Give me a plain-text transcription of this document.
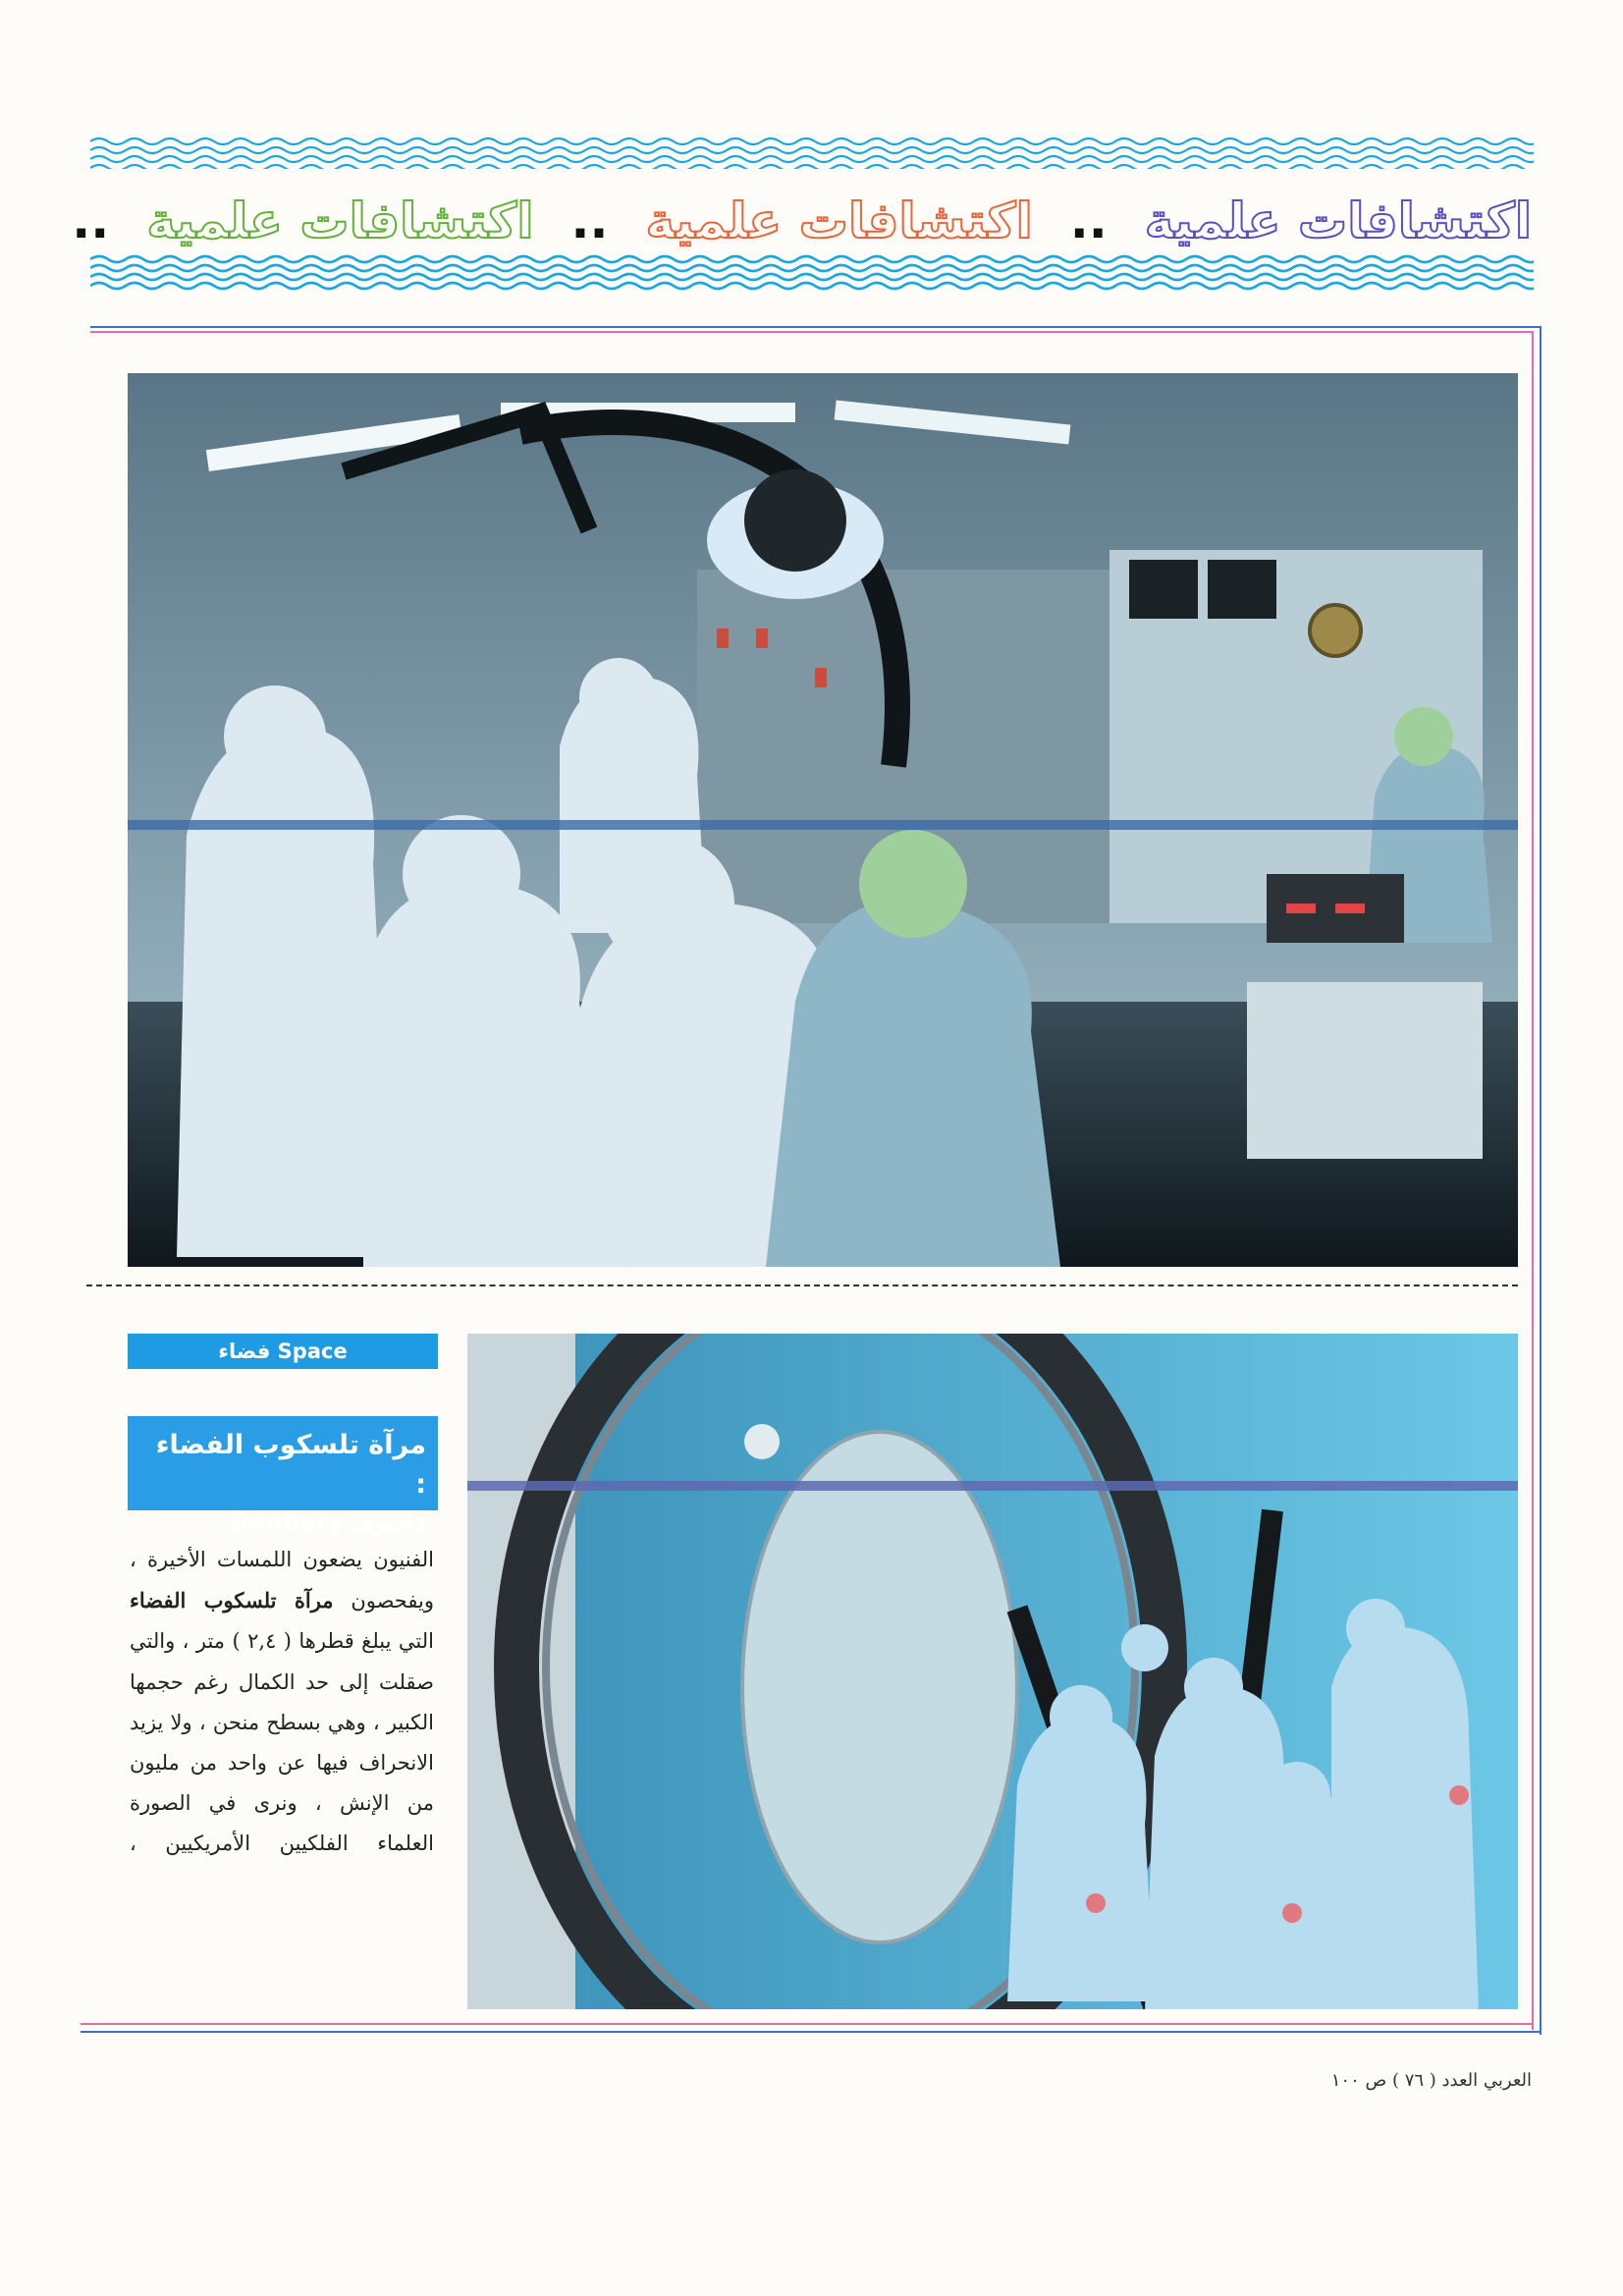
اكتشافات علمية
..
اكتشافات علمية
..
اكتشافات علمية
..
فضاء Space
مرآة تلسكوب الفضاء :
دانبري Danbury .
الفنيون يضعون اللمسات الأخيرة ، ويفحصون مرآة تلسكوب الفضاء التي يبلغ قطرها ( ٢,٤ ) متر ، والتي صقلت إلى حد الكمال رغم حجمها الكبير ، وهي بسطح منحن ، ولا يزيد الانحراف فيها عن واحد من مليون من الإنش ، ونرى في الصورة العلماء الفلكيين الأمريكيين ،
العربي العدد ( ٧٦ ) ص ١٠٠
